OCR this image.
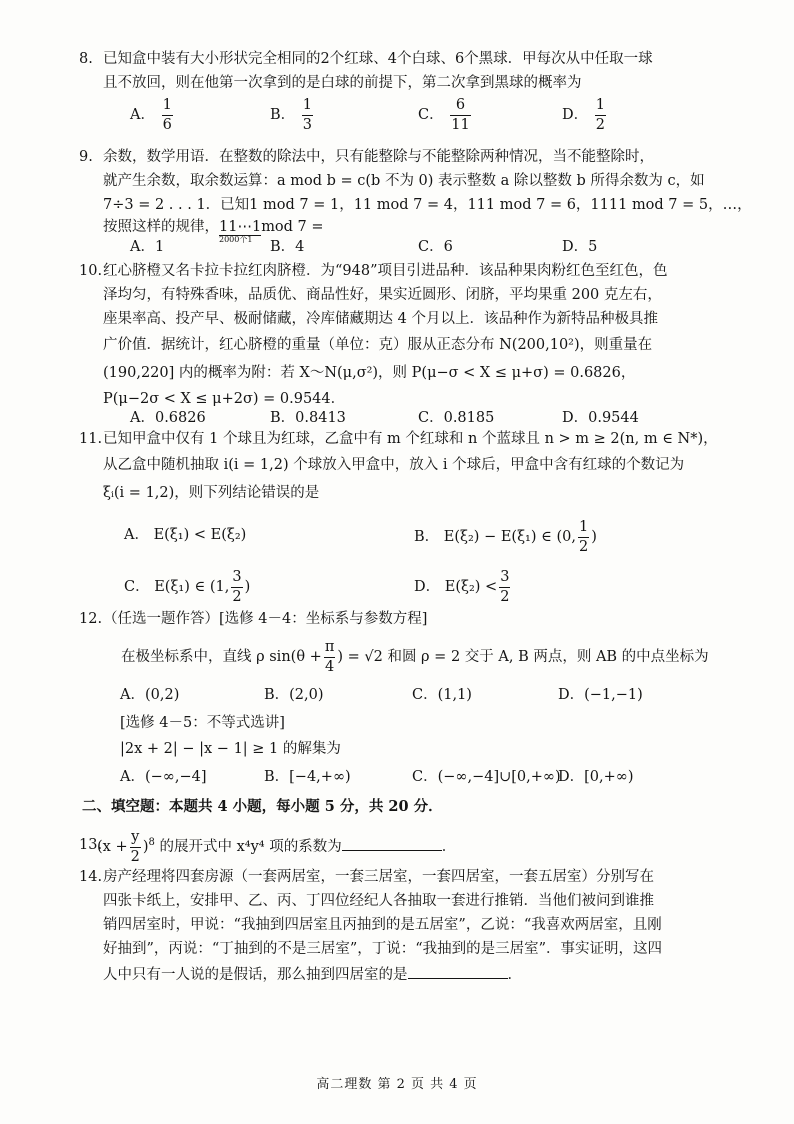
8. 已知盒中装有大小形状完全相同的2个红球、4个白球、6个黑球．甲每次从中任取一球
且不放回，则在他第一次拿到的是白球的前提下，第二次拿到黑球的概率为
A． $\frac{1}{6}$	B． $\frac{1}{3}$	C． $\frac{6}{11}$	D． $\frac{1}{2}$
9. 余数，数学用语．在整数的除法中，只有能整除与不能整除两种情况，当不能整除时，
就产生余数，取余数运算：a mod b = c(b 不为 0) 表示整数 a 除以整数 b 所得余数为 c，如
7÷3 = 2 . . . 1．已知1 mod 7 = 1，11 mod 7 = 4，111 mod 7 = 6，1111 mod 7 = 5，…，
按照这样的规律，11⋯1
2000个1
mod 7 =
A．1	B．4	C．6	D．5
10. 红心脐橙又名卡拉卡拉红肉脐橙．为“948”项目引进品种．该品种果肉粉红色至红色，色
泽均匀，有特殊香味，品质优、商品性好，果实近圆形、闭脐，平均果重 200 克左右，
座果率高、投产早、极耐储藏，冷库储藏期达 4 个月以上．该品种作为新特品种极具推
广价值．据统计，红心脐橙的重量（单位：克）服从正态分布 N(200,10²)，则重量在
(190,220] 内的概率为附：若 X～N(μ,σ²)，则 P(μ−σ < X ≤ μ+σ) = 0.6826，
P(μ−2σ < X ≤ μ+2σ) = 0.9544．
A．0.6826	B．0.8413	C．0.8185	D．0.9544
11. 已知甲盒中仅有 1 个球且为红球，乙盒中有 m 个红球和 n 个蓝球且 n > m ≥ 2(n, m ∈ N*)，
从乙盒中随机抽取 i(i = 1,2) 个球放入甲盒中，放入 i 个球后，甲盒中含有红球的个数记为
ξᵢ(i = 1,2)，则下列结论错误的是
A． E(ξ₁) < E(ξ₂)	B． E(ξ₂) − E(ξ₁) ∈ (0, $\frac{1}{2}$ )
C． E(ξ₁) ∈ (1, $\frac{3}{2}$ )	D． $E(\xi_2) < \frac{3}{2}$
12. （任选一题作答）[选修 4－4：坐标系与参数方程]
在极坐标系中，直线 ρ $\sin(\theta + \frac{\pi}{4}$ ) = √2 和圆 ρ = 2 交于 A, B 两点，则 AB 的中点坐标为
A．(0,2)	B．(2,0)	C．(1,1)	D．(−1,−1)
[选修 4－5：不等式选讲]
|2x + 2| − |x − 1| ≥ 1 的解集为
A．(−∞,−4]	B．[−4,+∞)	C．(−∞,−4]∪[0,+∞)
D．[0,+∞)
二、填空题：本题共 4 小题，每小题 5 分，共 20 分．
13.
$(x + \frac{y}{2} )^8$ 的展开式中 x⁴y⁴ 项的系数为	．
14. 房产经理将四套房源（一套两居室，一套三居室，一套四居室，一套五居室）分别写在
四张卡纸上，安排甲、乙、丙、丁四位经纪人各抽取一套进行推销．当他们被问到谁推
销四居室时，甲说：“我抽到四居室且丙抽到的是五居室”，乙说：“我喜欢两居室，且刚
好抽到”，丙说：“丁抽到的不是三居室”，丁说：“我抽到的是三居室”．事实证明，这四
人中只有一人说的是假话，那么抽到四居室的是	．
高二理数 第 2 页 共 4 页
